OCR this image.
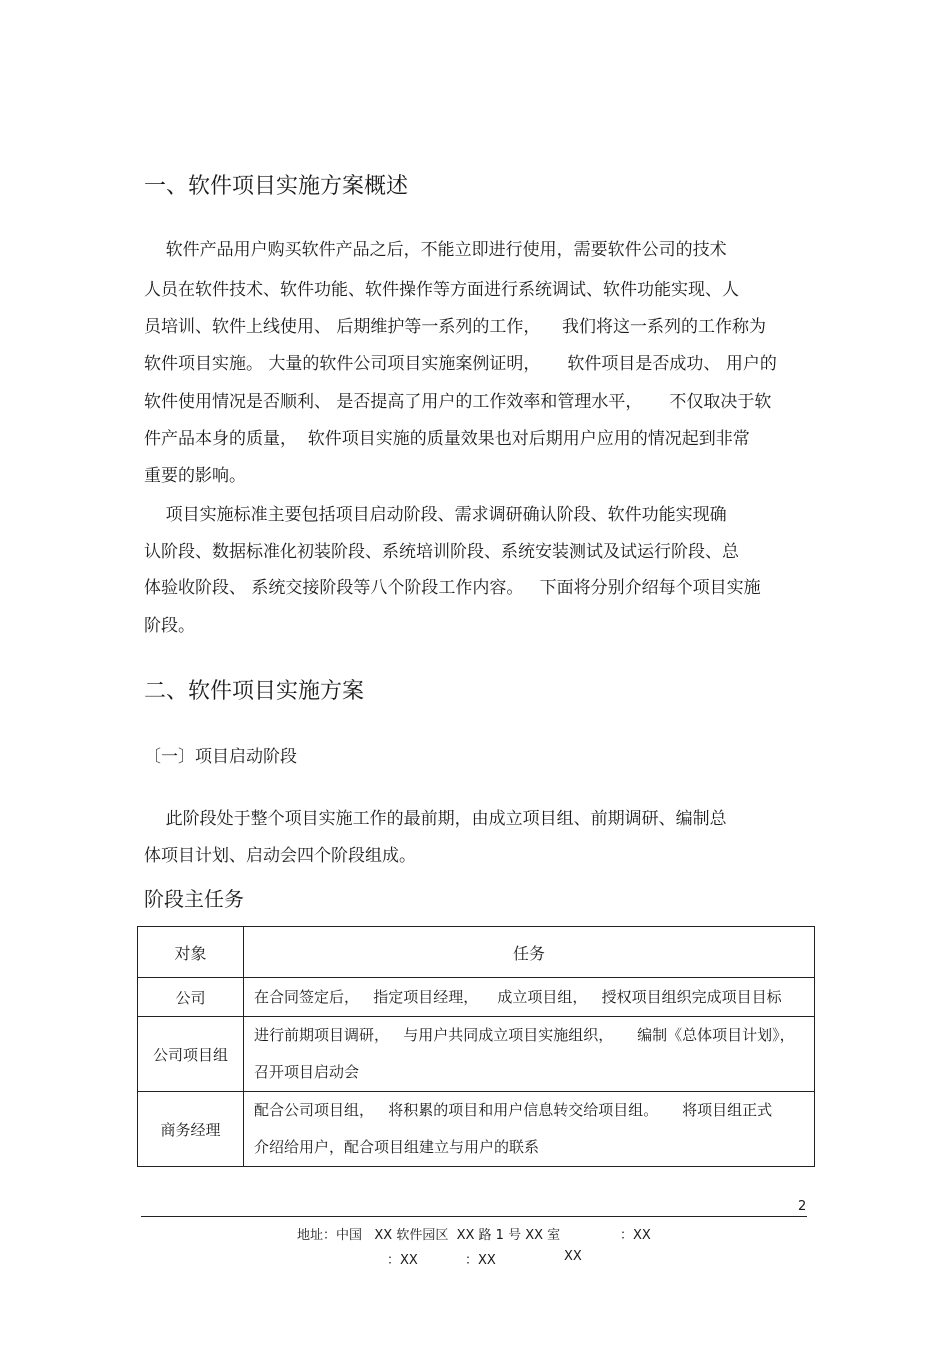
一、软件项目实施方案概述
软件产品用户购买软件产品之后，不能立即进行使用，需要软件公司的技术
人员在软件技术、软件功能、软件操作等方面进行系统调试、软件功能实现、人
员培训、软件上线使用、 后期维护等一系列的工作，    我们将这一系列的工作称为
软件项目实施。 大量的软件公司项目实施案例证明，     软件项目是否成功、 用户的
软件使用情况是否顺利、 是否提高了用户的工作效率和管理水平，     不仅取决于软
件产品本身的质量，  软件项目实施的质量效果也对后期用户应用的情况起到非常
重要的影响。
项目实施标准主要包括项目启动阶段、需求调研确认阶段、软件功能实现确
认阶段、数据标准化初装阶段、系统培训阶段、系统安装测试及试运行阶段、总
体验收阶段、 系统交接阶段等八个阶段工作内容。   下面将分别介绍每个项目实施
阶段。
二、软件项目实施方案
〔一〕项目启动阶段
此阶段处于整个项目实施工作的最前期，由成立项目组、前期调研、编制总
体项目计划、启动会四个阶段组成。
阶段主任务
对象	任务
公司	在合同签定后，   指定项目经理，    成立项目组，   授权项目组织完成项目目标

公司项目组	进行前期项目调研，   与用户共同成立项目实施组织，     编制《总体项目计划》，
召开项目启动会

商务经理	配合公司项目组，   将积累的项目和用户信息转交给项目组。     将项目组正式
介绍给用户，配合项目组建立与用户的联系
2
地址：中国   XX 软件园区  XX 路 1 号 XX 室	：XX
：XX	：XX	XX
